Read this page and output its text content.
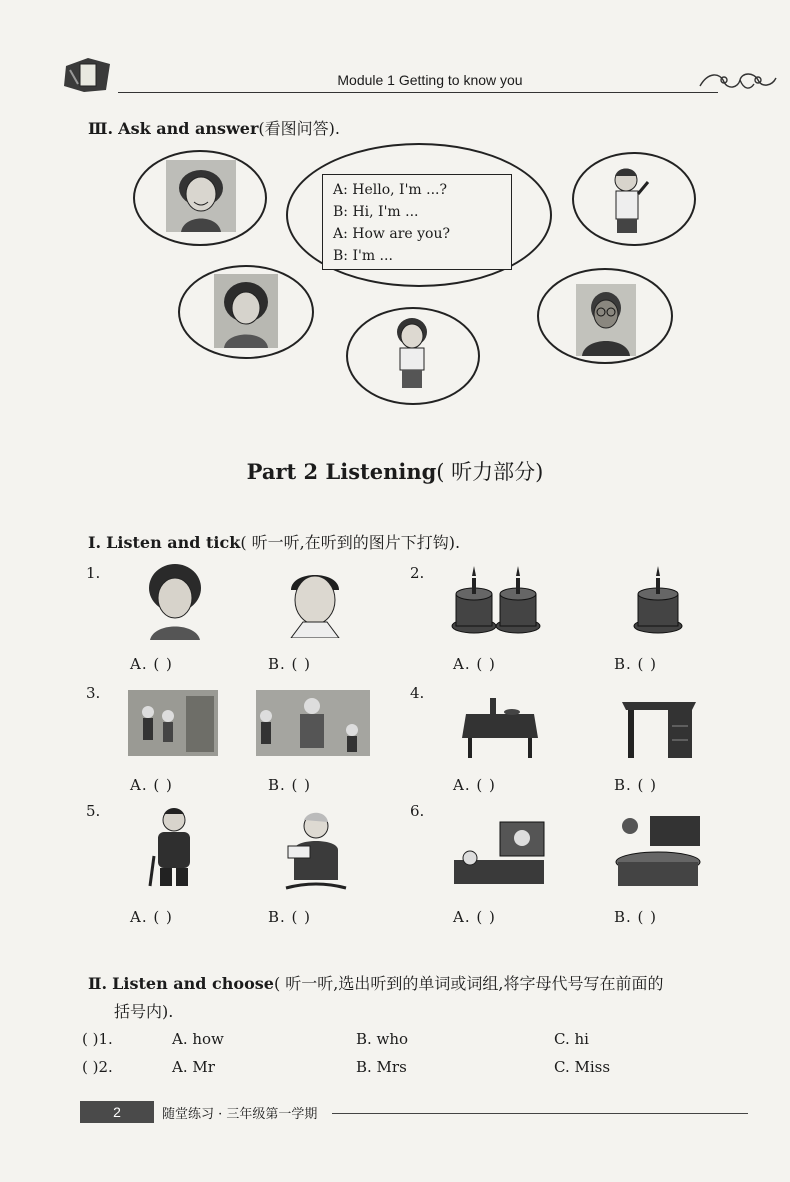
Module 1 Getting to know you
Ⅲ. Ask and answer(看图问答).
A: Hello, I'm ...?
B: Hi, I'm ...
A: How are you?
B: I'm ...
Part 2 Listening( 听力部分)
Ⅰ. Listen and tick( 听一听,在听到的图片下打钩).
1.
A. ( )	B. ( )
2.
A. ( )	B. ( )
3.
A. ( )	B. ( )
4.
A. ( )	B. ( )
5.
A. ( )	B. ( )
6.
A. ( )	B. ( )
Ⅱ. Listen and choose( 听一听,选出听到的单词或词组,将字母代号写在前面的
括号内).
( )1.	A. how	B. who	C. hi
( )2.	A. Mr	B. Mrs	C. Miss
2	随堂练习 · 三年级第一学期
